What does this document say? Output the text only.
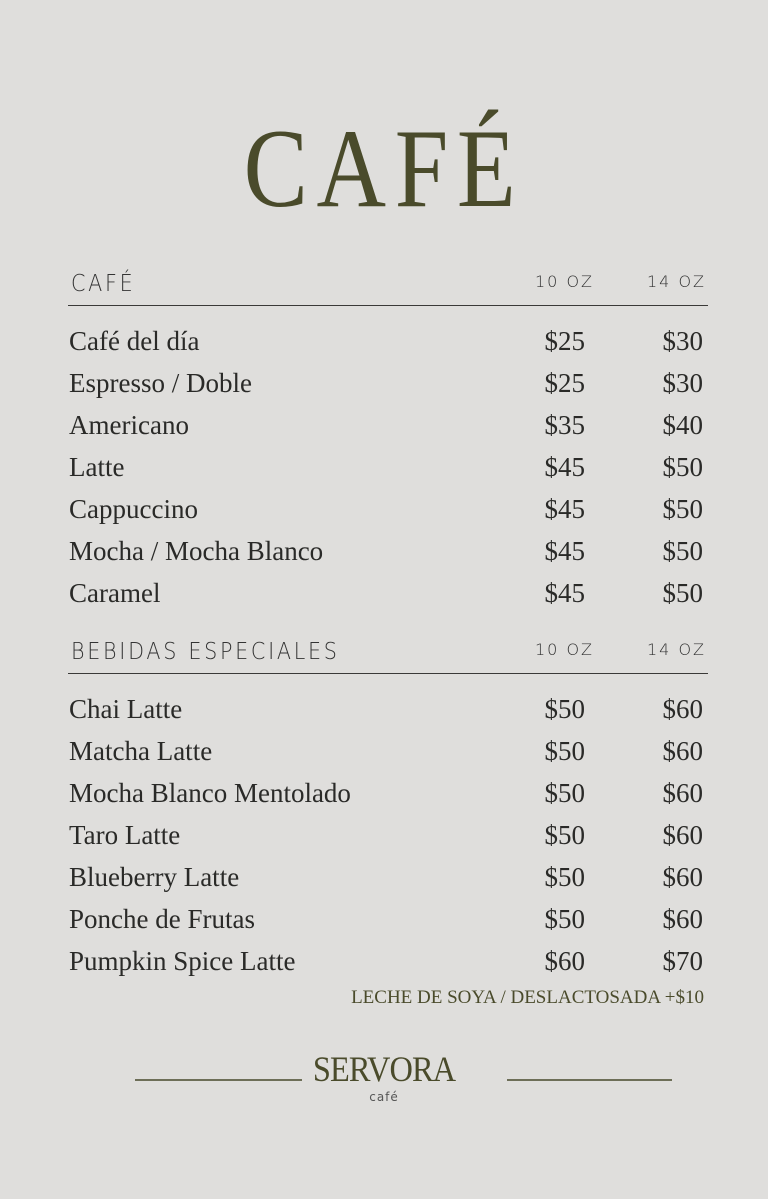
CAFÉ
CAFÉ	10 OZ	14 OZ
Café del día	$25	$30
Espresso / Doble	$25	$30
Americano	$35	$40
Latte	$45	$50
Cappuccino	$45	$50
Mocha / Mocha Blanco	$45	$50
Caramel	$45	$50
BEBIDAS ESPECIALES	10 OZ	14 OZ
Chai Latte	$50	$60
Matcha Latte	$50	$60
Mocha Blanco Mentolado	$50	$60
Taro Latte	$50	$60
Blueberry Latte	$50	$60
Ponche de Frutas	$50	$60
Pumpkin Spice Latte	$60	$70
LECHE DE SOYA / DESLACTOSADA +$10
SERVORA
café
